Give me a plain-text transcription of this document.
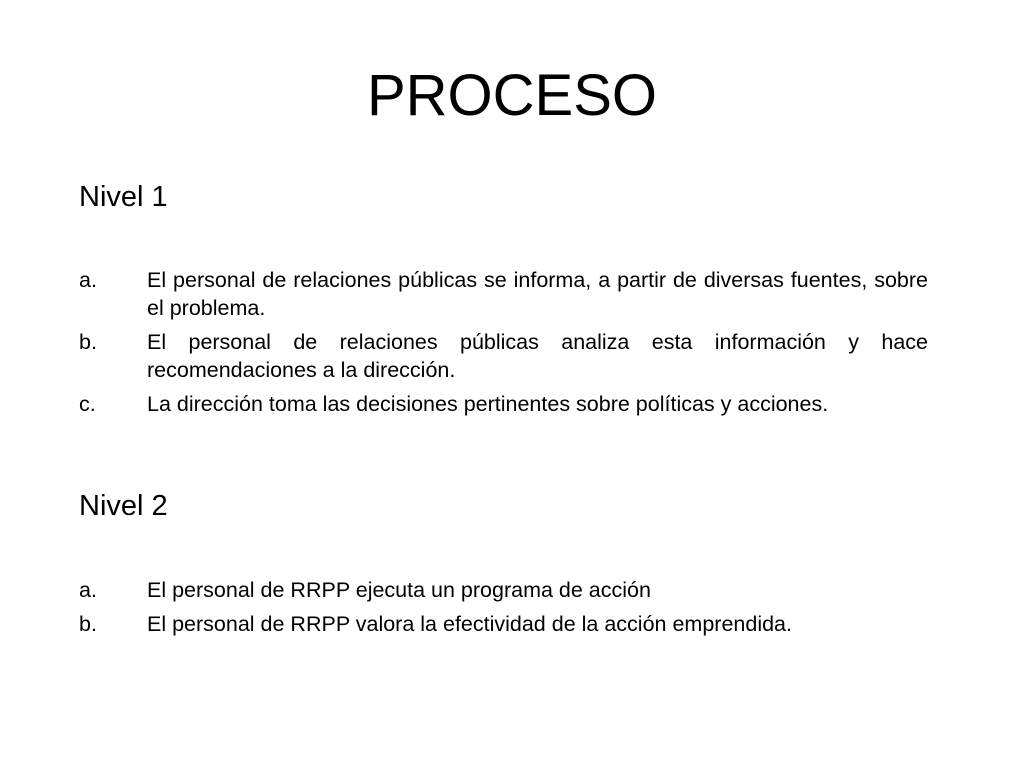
PROCESO
Nivel 1
a.	El personal de relaciones públicas se informa, a partir de diversas fuentes, sobre el problema.
b.	El personal de relaciones públicas analiza esta información y hace recomendaciones a la dirección.
c.	La dirección toma las decisiones pertinentes sobre políticas y acciones.
Nivel 2
a.	El personal de RRPP ejecuta un programa de acción
b.	El personal de RRPP valora la efectividad de la acción emprendida.
